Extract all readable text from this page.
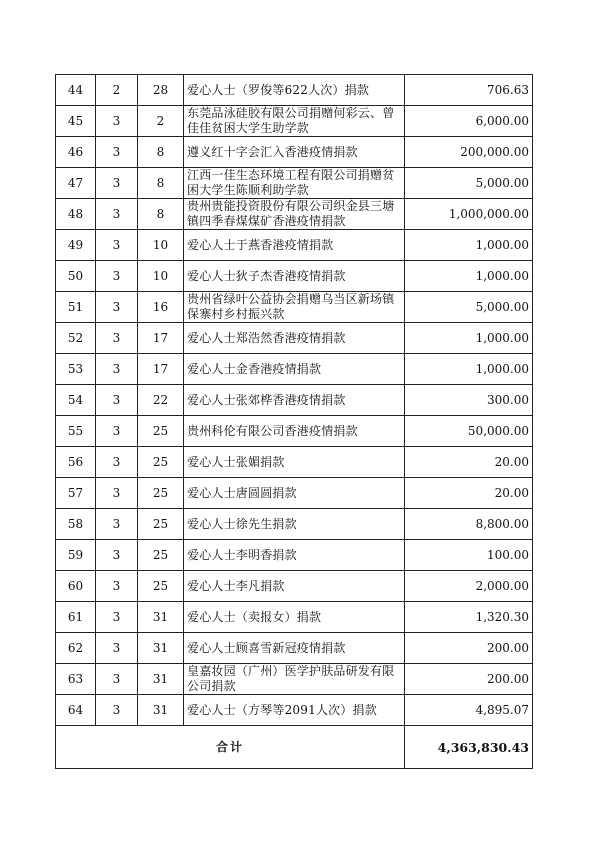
44	2	28	爱心人士（罗俊等622人次）捐款	706.63
45	3	2	东莞品泳硅胶有限公司捐赠何彩云、曾佳佳贫困大学生助学款	6,000.00
46	3	8	遵义红十字会汇入香港疫情捐款	200,000.00
47	3	8	江西一佳生态环境工程有限公司捐赠贫困大学生陈顺利助学款	5,000.00
48	3	8	贵州贵能投资股份有限公司织金县三塘镇四季春煤煤矿香港疫情捐款	1,000,000.00
49	3	10	爱心人士于燕香港疫情捐款	1,000.00
50	3	10	爱心人士狄子杰香港疫情捐款	1,000.00
51	3	16	贵州省绿叶公益协会捐赠乌当区新场镇保寨村乡村振兴款	5,000.00
52	3	17	爱心人士郑浩然香港疫情捐款	1,000.00
53	3	17	爱心人士金香港疫情捐款	1,000.00
54	3	22	爱心人士张郊桦香港疫情捐款	300.00
55	3	25	贵州科伦有限公司香港疫情捐款	50,000.00
56	3	25	爱心人士张媚捐款	20.00
57	3	25	爱心人士唐圆圆捐款	20.00
58	3	25	爱心人士徐先生捐款	8,800.00
59	3	25	爱心人士李明香捐款	100.00
60	3	25	爱心人士李凡捐款	2,000.00
61	3	31	爱心人士（卖报女）捐款	1,320.30
62	3	31	爱心人士顾喜雪新冠疫情捐款	200.00
63	3	31	皇嘉妆园（广州）医学护肤品研发有限公司捐款	200.00
64	3	31	爱心人士（方琴等2091人次）捐款	4,895.07
合计				4,363,830.43
